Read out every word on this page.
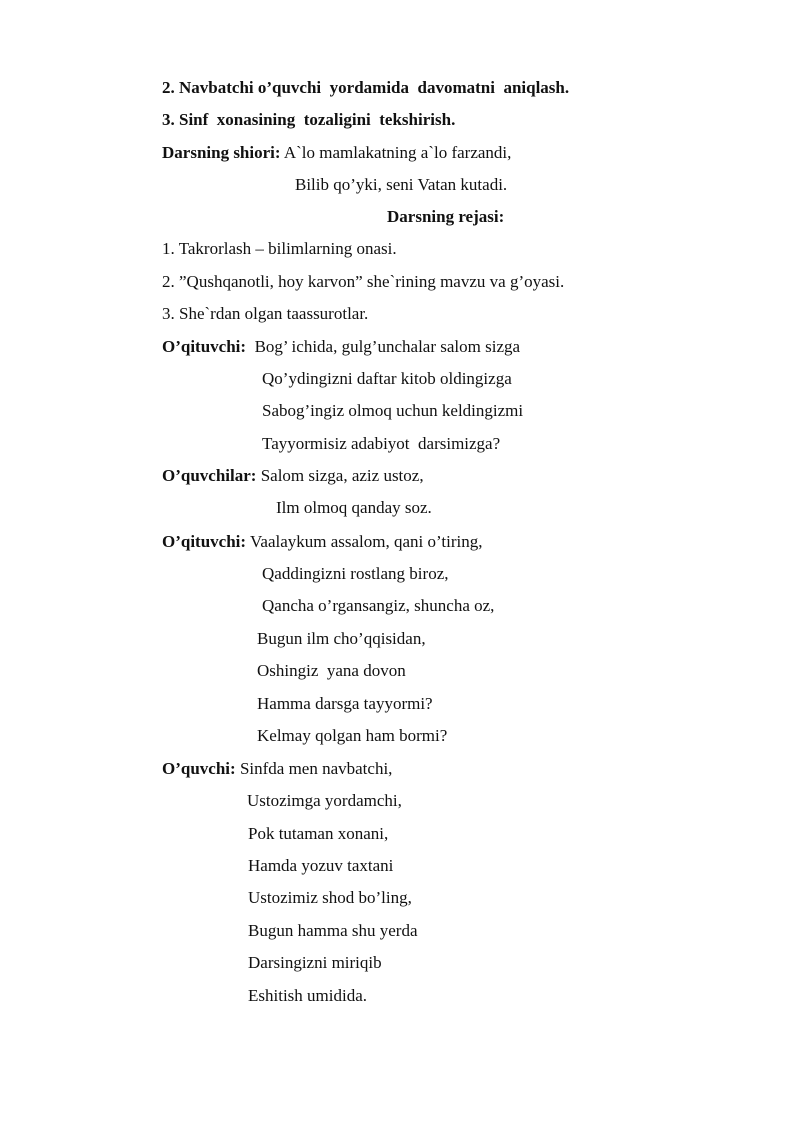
2. Navbatchi o’quvchi  yordamida  davomatni  aniqlash.
3. Sinf  xonasining  tozaligini  tekshirish.
Darsning shiori: A`lo mamlakatning a`lo farzandi,
Bilib qo’yki, seni Vatan kutadi.
Darsning rejasi:
1. Takrorlash – bilimlarning onasi.
2. ”Qushqanotli, hoy karvon” she`rining mavzu va g’oyasi.
3. She`rdan olgan taassurotlar.
O’qituvchi:  Bog’ ichida, gulg’unchalar salom sizga
Qo’ydingizni daftar kitob oldingizga
Sabog’ingiz olmoq uchun keldingizmi
Tayyormisiz adabiyot  darsimizga?
O’quvchilar: Salom sizga, aziz ustoz,
Ilm olmoq qanday soz.
O’qituvchi: Vaalaykum assalom, qani o’tiring,
Qaddingizni rostlang biroz,
Qancha o’rgansangiz, shuncha oz,
Bugun ilm cho’qqisidan,
Oshingiz  yana dovon
Hamma darsga tayyormi?
Kelmay qolgan ham bormi?
O’quvchi: Sinfda men navbatchi,
Ustozimga yordamchi,
Pok tutaman xonani,
Hamda yozuv taxtani
Ustozimiz shod bo’ling,
Bugun hamma shu yerda
Darsingizni miriqib
Eshitish umidida.
